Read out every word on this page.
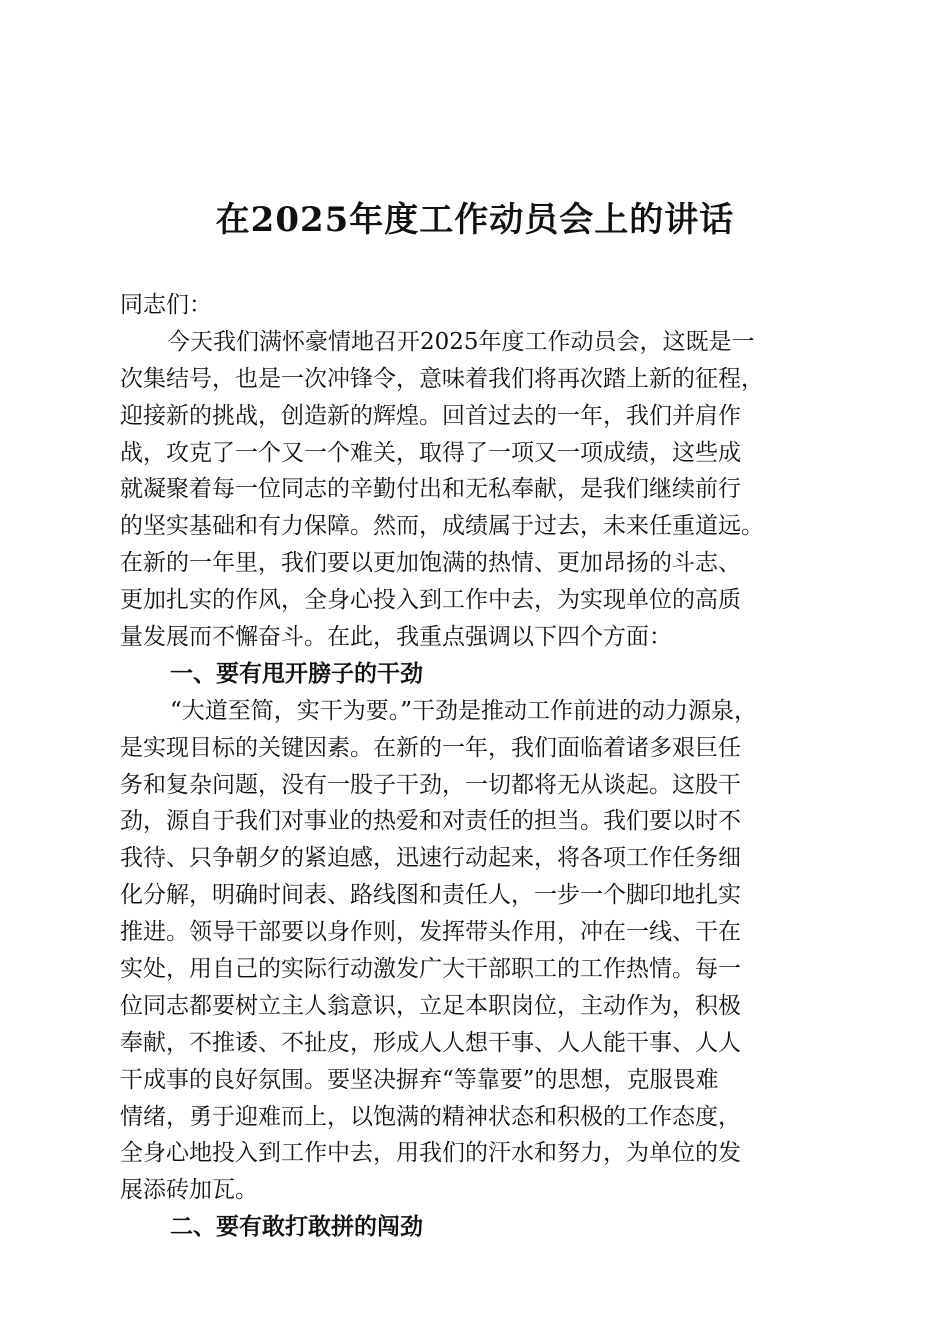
在2025年度工作动员会上的讲话
同志们：
今天我们满怀豪情地召开2025年度工作动员会，这既是一
次集结号，也是一次冲锋令，意味着我们将再次踏上新的征程，
迎接新的挑战，创造新的辉煌。回首过去的一年，我们并肩作
战，攻克了一个又一个难关，取得了一项又一项成绩，这些成
就凝聚着每一位同志的辛勤付出和无私奉献，是我们继续前行
的坚实基础和有力保障。然而，成绩属于过去，未来任重道远。
在新的一年里，我们要以更加饱满的热情、更加昂扬的斗志、
更加扎实的作风，全身心投入到工作中去，为实现单位的高质
量发展而不懈奋斗。在此，我重点强调以下四个方面：
一、要有甩开膀子的干劲
“大道至简，实干为要。”干劲是推动工作前进的动力源泉，
是实现目标的关键因素。在新的一年，我们面临着诸多艰巨任
务和复杂问题，没有一股子干劲，一切都将无从谈起。这股干
劲，源自于我们对事业的热爱和对责任的担当。我们要以时不
我待、只争朝夕的紧迫感，迅速行动起来，将各项工作任务细
化分解，明确时间表、路线图和责任人，一步一个脚印地扎实
推进。领导干部要以身作则，发挥带头作用，冲在一线、干在
实处，用自己的实际行动激发广大干部职工的工作热情。每一
位同志都要树立主人翁意识，立足本职岗位，主动作为，积极
奉献，不推诿、不扯皮，形成人人想干事、人人能干事、人人
干成事的良好氛围。要坚决摒弃“等靠要”的思想，克服畏难
情绪，勇于迎难而上，以饱满的精神状态和积极的工作态度，
全身心地投入到工作中去，用我们的汗水和努力，为单位的发
展添砖加瓦。
二、要有敢打敢拼的闯劲
